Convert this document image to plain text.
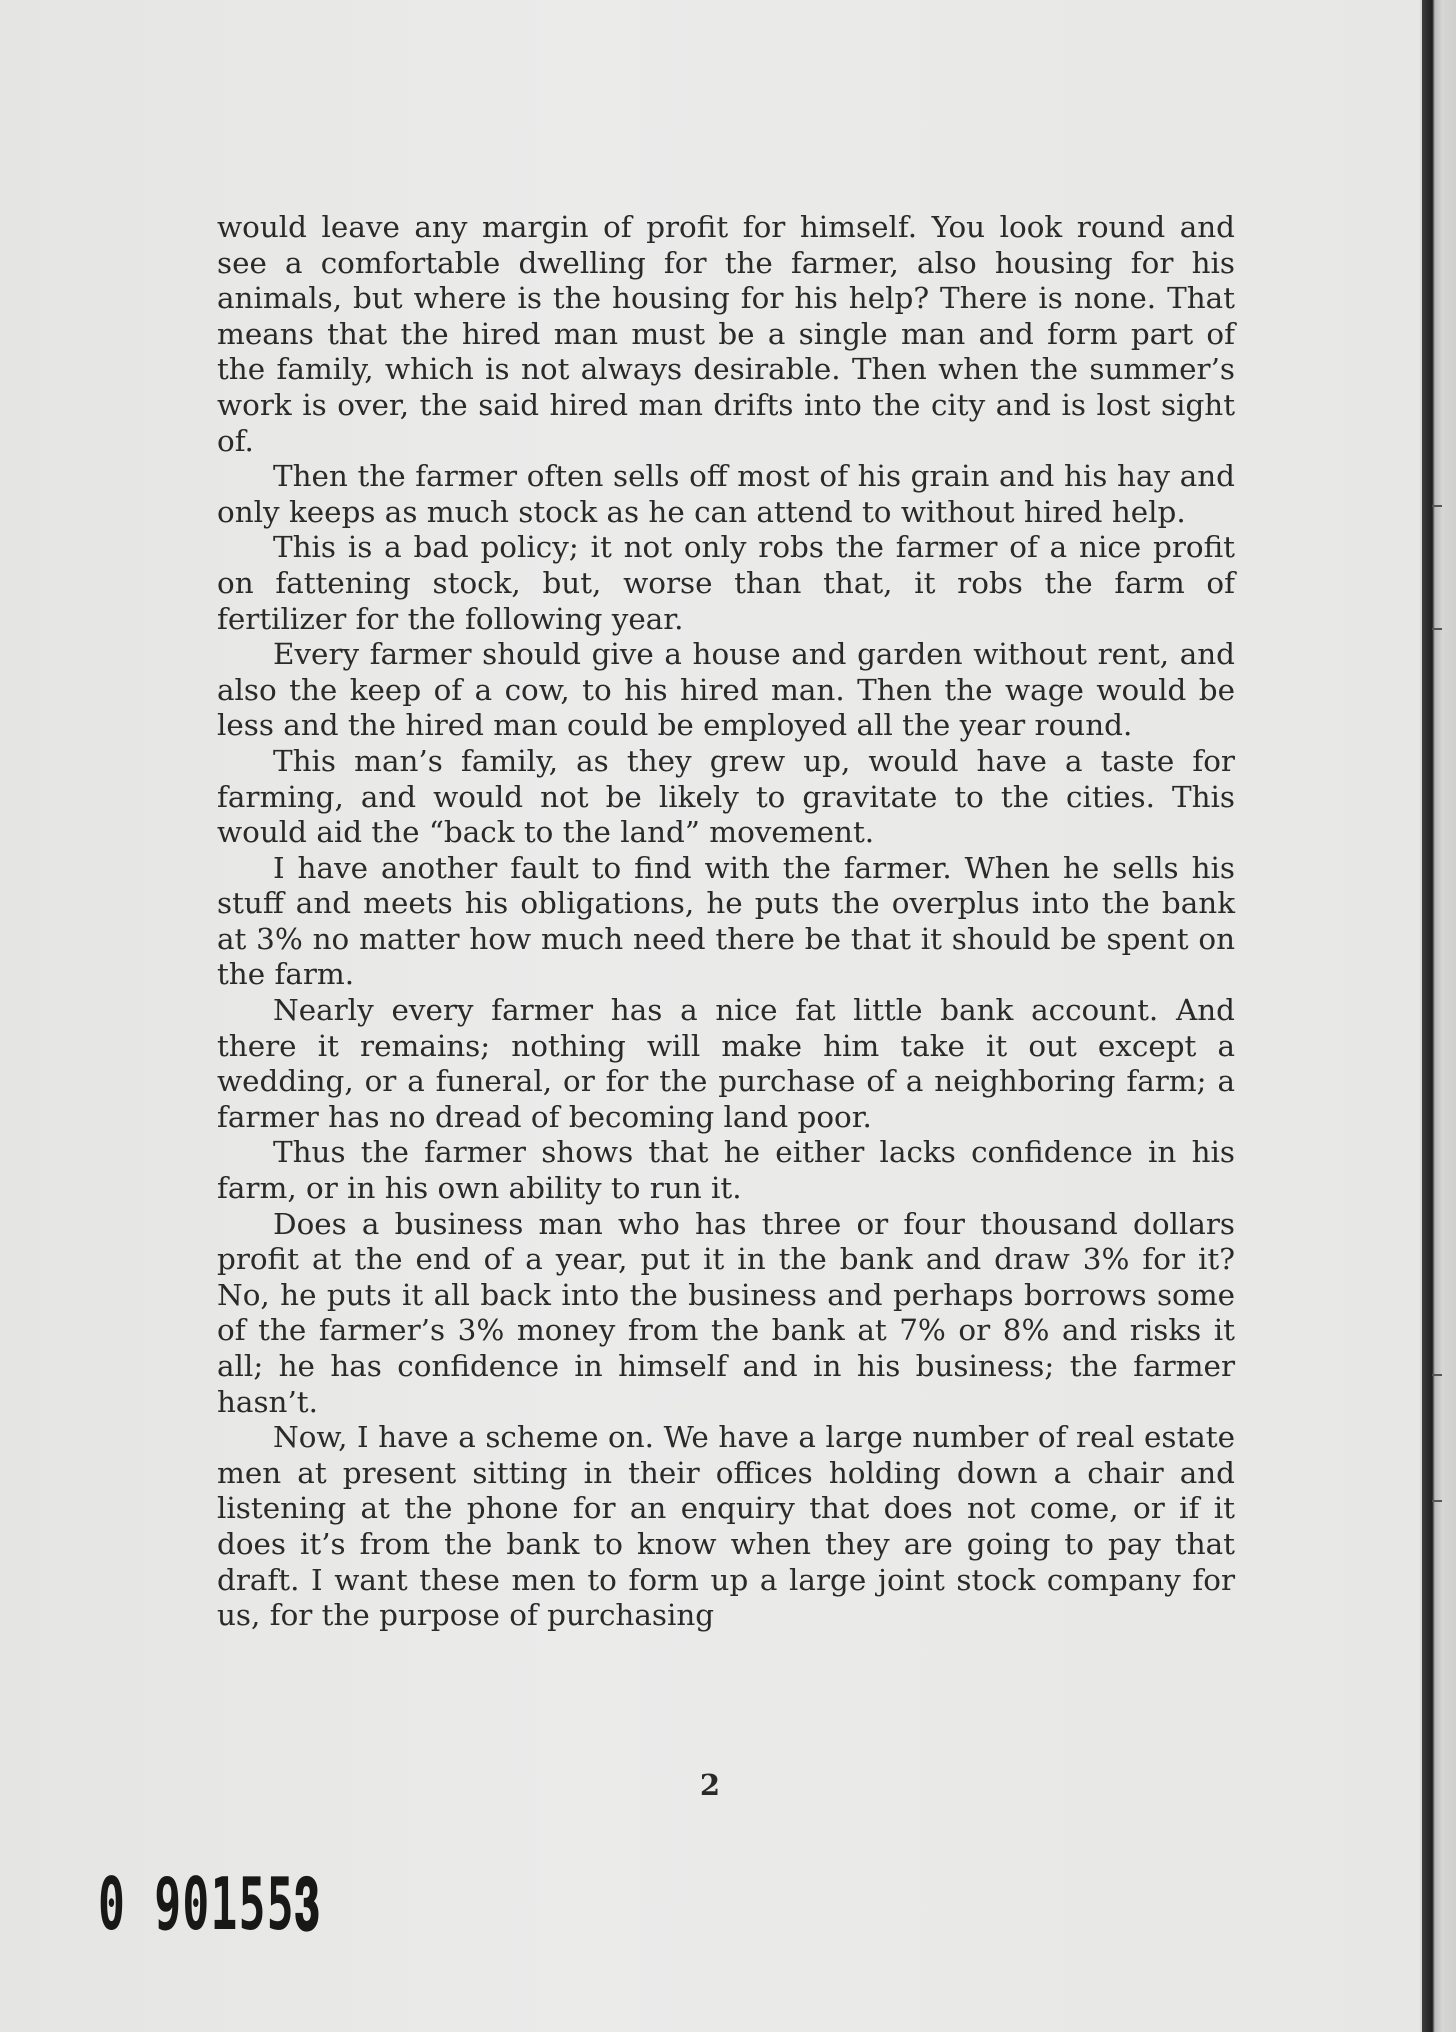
would leave any margin of profit for himself. You look round and see a comfortable dwelling for the farmer, also housing for his animals, but where is the housing for his help? There is none. That means that the hired man must be a single man and form part of the family, which is not always desirable. Then when the summer’s work is over, the said hired man drifts into the city and is lost sight of.

Then the farmer often sells off most of his grain and his hay and only keeps as much stock as he can attend to without hired help.

This is a bad policy; it not only robs the farmer of a nice profit on fattening stock, but, worse than that, it robs the farm of fertilizer for the following year.

Every farmer should give a house and garden without rent, and also the keep of a cow, to his hired man. Then the wage would be less and the hired man could be employed all the year round.

This man’s family, as they grew up, would have a taste for farming, and would not be likely to gravitate to the cities. This would aid the “back to the land” movement.

I have another fault to find with the farmer. When he sells his stuff and meets his obligations, he puts the overplus into the bank at 3% no matter how much need there be that it should be spent on the farm.

Nearly every farmer has a nice fat little bank account. And there it remains; nothing will make him take it out except a wedding, or a funeral, or for the purchase of a neighboring farm; a farmer has no dread of becoming land poor.

Thus the farmer shows that he either lacks confidence in his farm, or in his own ability to run it.

Does a business man who has three or four thousand dollars profit at the end of a year, put it in the bank and draw 3% for it? No, he puts it all back into the business and perhaps borrows some of the farmer’s 3% money from the bank at 7% or 8% and risks it all; he has confidence in himself and in his business; the farmer hasn’t.

Now, I have a scheme on. We have a large number of real estate men at present sitting in their offices holding down a chair and listening at the phone for an enquiry that does not come, or if it does it’s from the bank to know when they are going to pay that draft. I want these men to form up a large joint stock company for us, for the purpose of purchasing

2
0 90155𝟑
